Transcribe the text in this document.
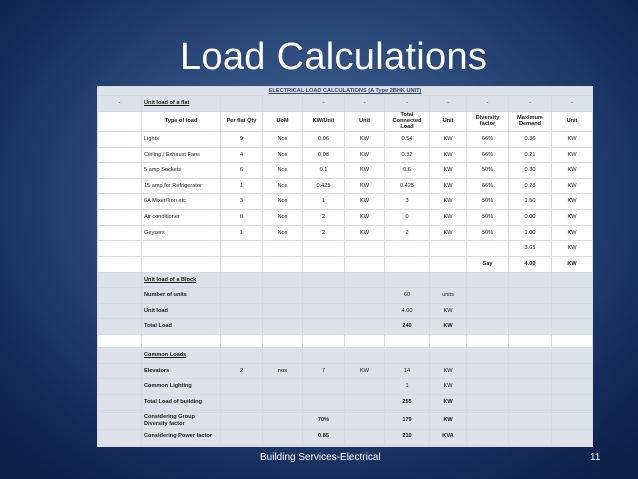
Load Calculations
ELECTRICAL LOAD CALCULATIONS (A Type 2BHK UNIT)										
-	Unit load of a flat			-	-	-	-	-	-	-
	Type of load	Per flat Qty	UoM	KW/Unit	Unit	Total Connected Load	Unit	Diversity factor	Maximum Demand	Unit
	Lights	9	Nos	0.06	KW	0.54	KW	66%	0.36	KW
	Ceiling / Exhaust Fans	4	Nos	0.08	KW	0.32	KW	66%	0.21	KW
	5 amp Sockets	6	Nos	0.1	KW	0.6	KW	50%	0.30	KW
	15 amp for Refrigerator	1	Nos	0.425	KW	0.425	KW	66%	0.28	KW
	6A Mixer/Iron etc	3	Nos	1	KW	3	KW	50%	1.50	KW
	Air conditioner	0	Nos	2	KW	0	KW	50%	0.00	KW
	Geysers	1	Nos	2	KW	2	KW	50%	1.00	KW
									3.65	KW
								Say	4.00	KW
	Unit load of a Block									
	Number of units					60	units			
	Unit load					4.00	KW			
	Total Load					240	KW			

	Common Loads									
	Elevators	2	nos	7	KW	14	KW			
	Common Lighting					1	KW			
	Total Load of building					255	KW			

	Considering Group Diversity factor			70%		179	KW			
	Considering Power factor			0.85		210	KVA			

Building Services-Electrical	11
